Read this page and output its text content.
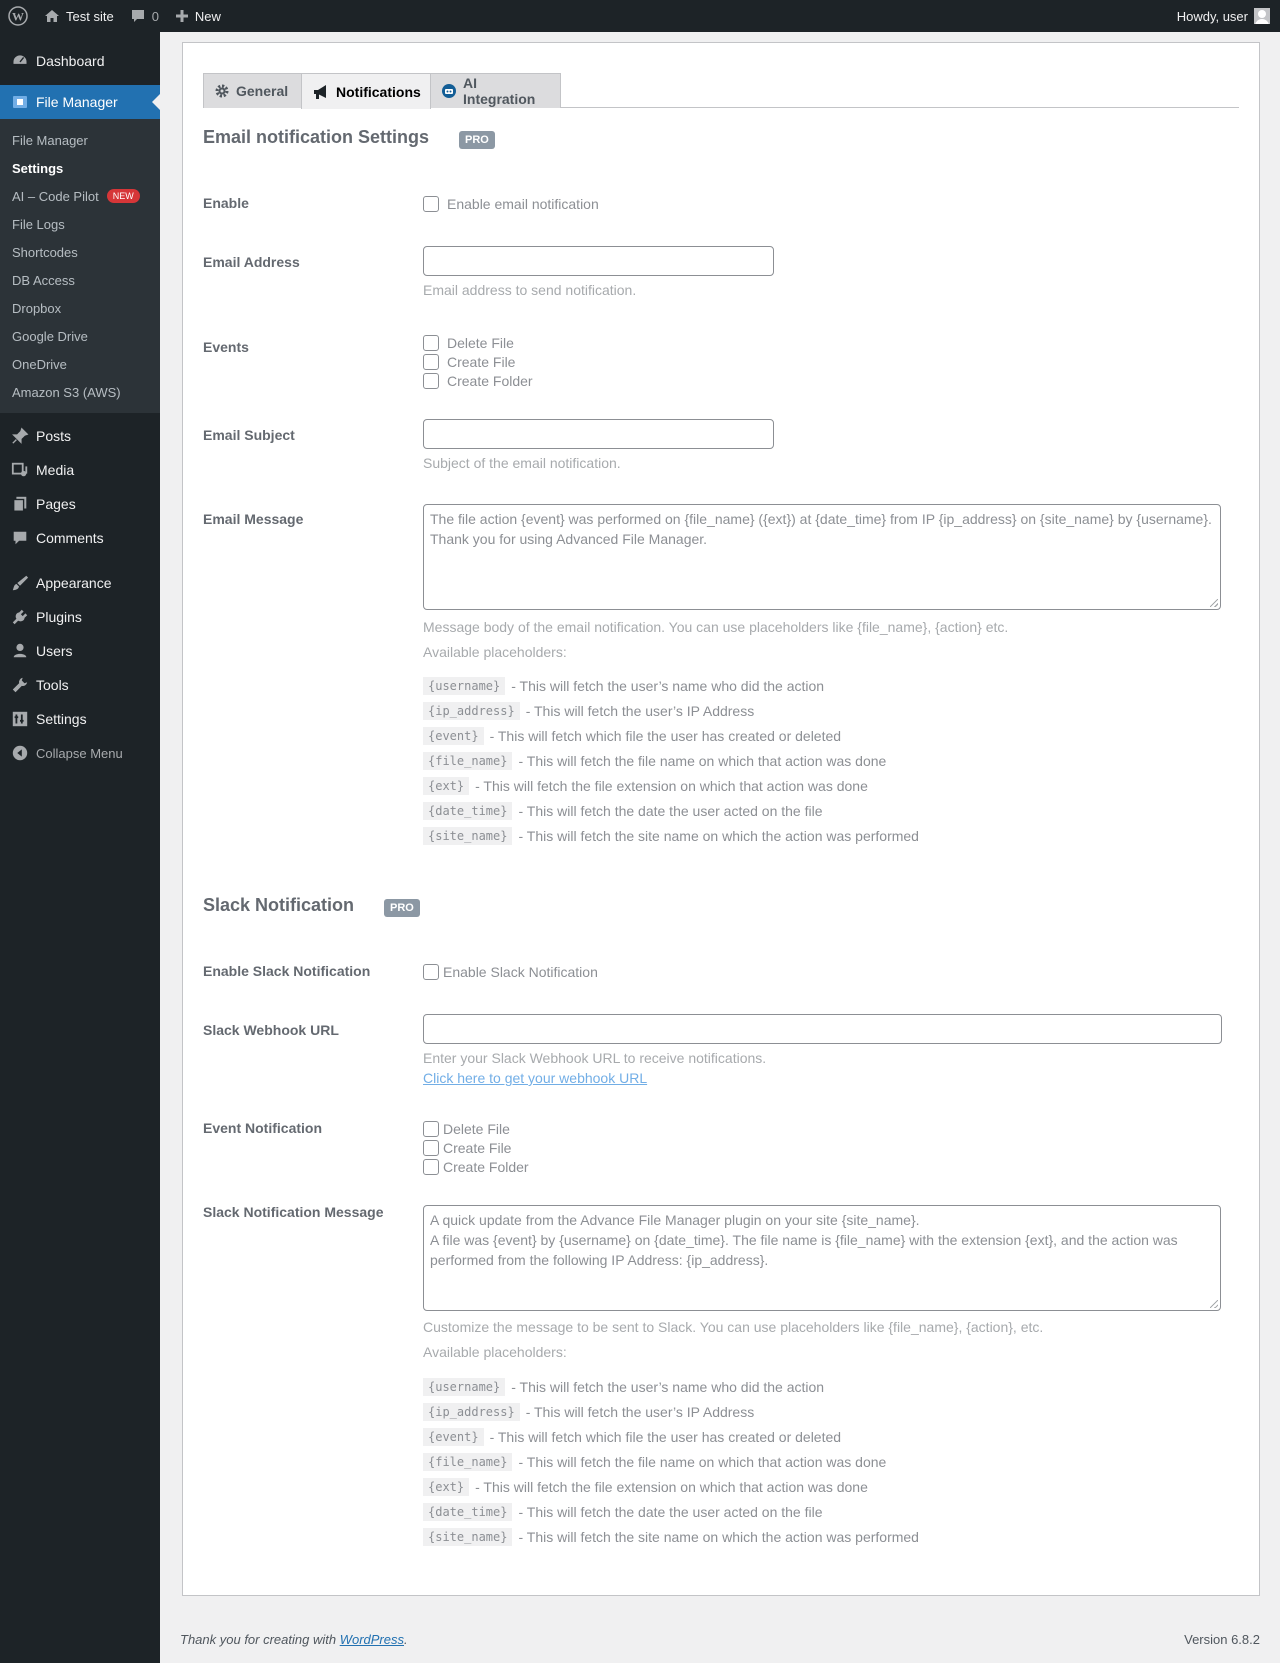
W	Test site	0	New	Howdy, user
Dashboard
File Manager
File Manager
Settings
AI – Code Pilot	NEW
File Logs
Shortcodes
DB Access
Dropbox
Google Drive
OneDrive
Amazon S3 (AWS)
Posts
Media
Pages
Comments
Appearance
Plugins
Users
Tools
Settings
Collapse Menu
General	Notifications
AI Integration
Email notification Settings	PRO
Enable	Enable email notification
Email Address
Email address to send notification.
Events	Delete File
Create File
Create Folder
Email Subject
Subject of the email notification.
Email Message	The file action {event} was performed on {file_name} ({ext}) at {date_time} from IP {ip_address} on {site_name} by {username}.
Thank you for using Advanced File Manager.
Message body of the email notification. You can use placeholders like {file_name}, {action} etc.
Available placeholders:
{username} - This will fetch the user’s name who did the action
{ip_address} - This will fetch the user’s IP Address
{event} - This will fetch which file the user has created or deleted
{file_name} - This will fetch the file name on which that action was done
{ext} - This will fetch the file extension on which that action was done
{date_time} - This will fetch the date the user acted on the file
{site_name} - This will fetch the site name on which the action was performed
Slack Notification	PRO
Enable Slack Notification	Enable Slack Notification
Slack Webhook URL
Enter your Slack Webhook URL to receive notifications.
Click here to get your webhook URL
Event Notification	Delete File
Create File
Create Folder
Slack Notification Message	A quick update from the Advance File Manager plugin on your site {site_name}.
A file was {event} by {username} on {date_time}. The file name is {file_name} with the extension {ext}, and the action was
performed from the following IP Address: {ip_address}.
Customize the message to be sent to Slack. You can use placeholders like {file_name}, {action}, etc.
Available placeholders:
{username} - This will fetch the user’s name who did the action
{ip_address} - This will fetch the user’s IP Address
{event} - This will fetch which file the user has created or deleted
{file_name} - This will fetch the file name on which that action was done
{ext} - This will fetch the file extension on which that action was done
{date_time} - This will fetch the date the user acted on the file
{site_name} - This will fetch the site name on which the action was performed
Thank you for creating with WordPress.	Version 6.8.2
